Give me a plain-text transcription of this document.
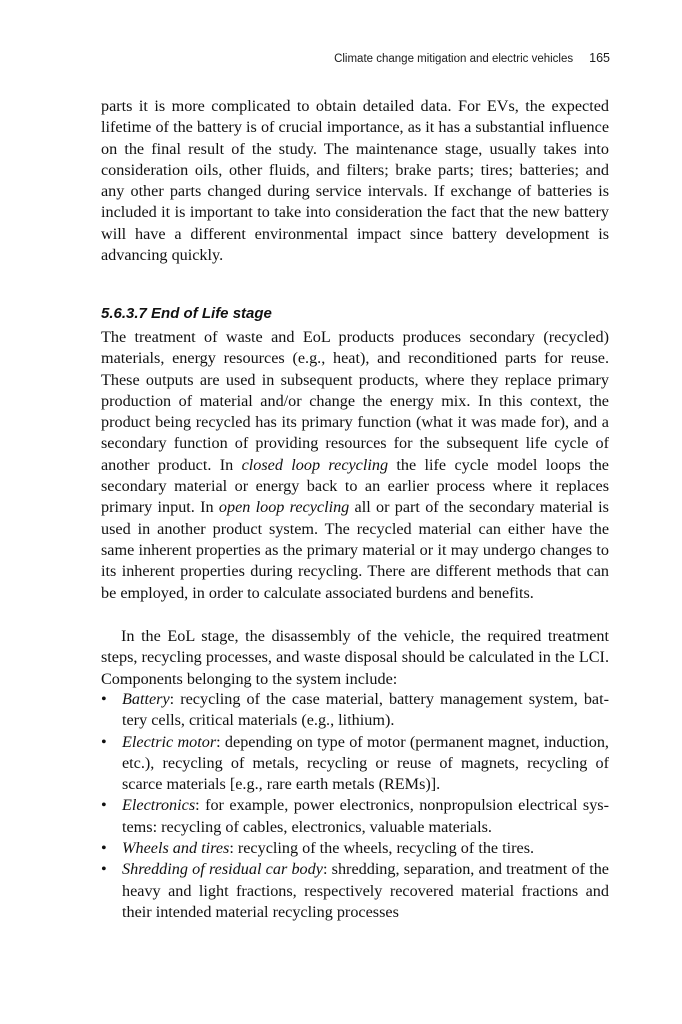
Climate change mitigation and electric vehicles 165

parts it is more complicated to obtain detailed data. For EVs, the expected lifetime of the battery is of crucial importance, as it has a substantial influence on the final result of the study. The maintenance stage, usually takes into consideration oils, other fluids, and filters; brake parts; tires; batteries; and any other parts changed during service intervals. If exchange of batteries is included it is important to take into consideration the fact that the new battery will have a different environmental impact since battery development is advancing quickly.

5.6.3.7 End of Life stage

The treatment of waste and EoL products produces secondary (recycled) materials, energy resources (e.g., heat), and reconditioned parts for reuse. These outputs are used in subsequent products, where they replace primary production of material and/or change the energy mix. In this context, the product being recycled has its primary function (what it was made for), and a secondary function of providing resources for the subsequent life cycle of another product. In closed loop recycling the life cycle model loops the secondary material or energy back to an earlier process where it replaces primary input. In open loop recycling all or part of the secondary material is used in another product system. The recycled material can either have the same inherent properties as the primary material or it may undergo changes to its inherent properties during recycling. There are different methods that can be employed, in order to calculate associated burdens and benefits.

In the EoL stage, the disassembly of the vehicle, the required treatment steps, recycling processes, and waste disposal should be calculated in the LCI. Components belonging to the system include:

• Battery: recycling of the case material, battery management system, battery cells, critical materials (e.g., lithium).
• Electric motor: depending on type of motor (permanent magnet, induction, etc.), recycling of metals, recycling or reuse of magnets, recycling of scarce materials [e.g., rare earth metals (REMs)].
• Electronics: for example, power electronics, nonpropulsion electrical systems: recycling of cables, electronics, valuable materials.
• Wheels and tires: recycling of the wheels, recycling of the tires.
• Shredding of residual car body: shredding, separation, and treatment of the heavy and light fractions, respectively recovered material fractions and their intended material recycling processes
